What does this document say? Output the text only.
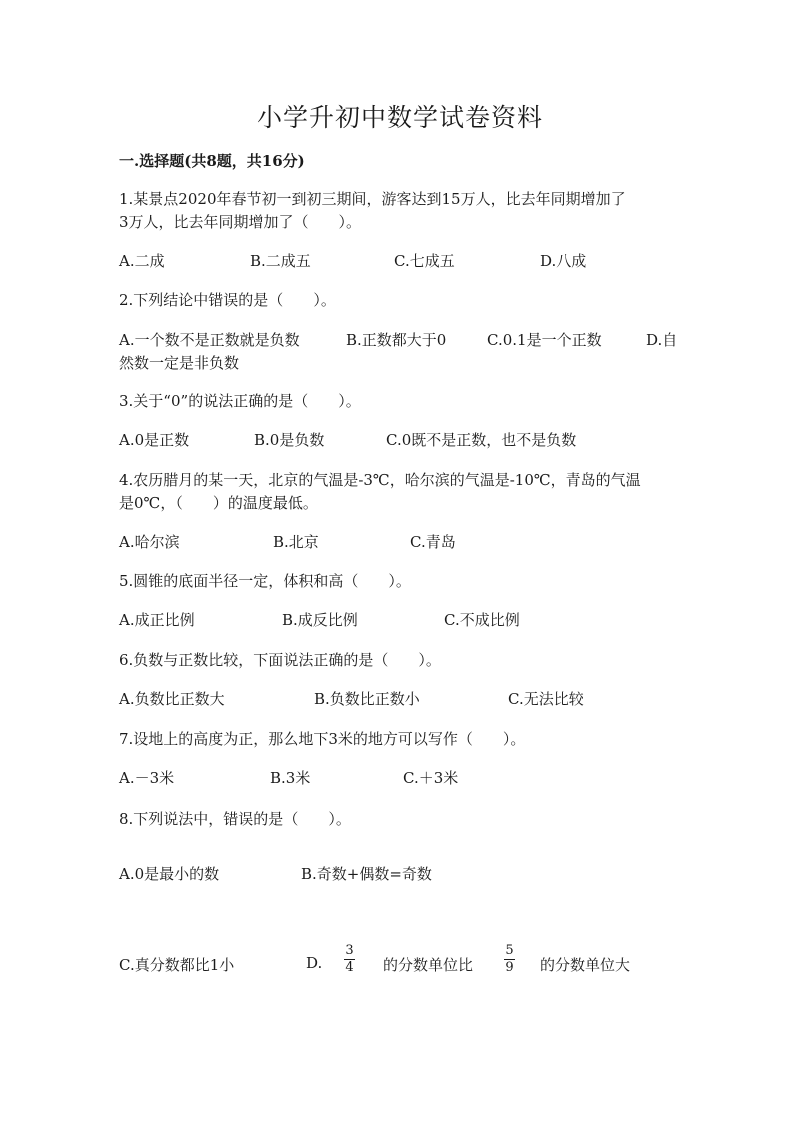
小学升初中数学试卷资料
一.选择题(共8题，共16分)
1.某景点2020年春节初一到初三期间，游客达到15万人，比去年同期增加了
3万人，比去年同期增加了（　　）。
A.二成	B.二成五	C.七成五	D.八成
2.下列结论中错误的是（　　）。
A.一个数不是正数就是负数	B.正数都大于0	C.0.1是一个正数	D.自
然数一定是非负数
3.关于“0”的说法正确的是（　　）。
A.0是正数	B.0是负数	C.0既不是正数，也不是负数
4.农历腊月的某一天，北京的气温是-3℃，哈尔滨的气温是-10℃，青岛的气温
是0℃，（　　）的温度最低。
A.哈尔滨	B.北京	C.青岛
5.圆锥的底面半径一定，体积和高（　　）。
A.成正比例	B.成反比例	C.不成比例
6.负数与正数比较，下面说法正确的是（　　）。
A.负数比正数大	B.负数比正数小	C.无法比较
7.设地上的高度为正，那么地下3米的地方可以写作（　　）。
A.－3米	B.3米	C.＋3米
8.下列说法中，错误的是（　　）。
A.0是最小的数	B.奇数+偶数=奇数
C.真分数都比1小	D.
3
4 的分数单位比
5
9 的分数单位大
